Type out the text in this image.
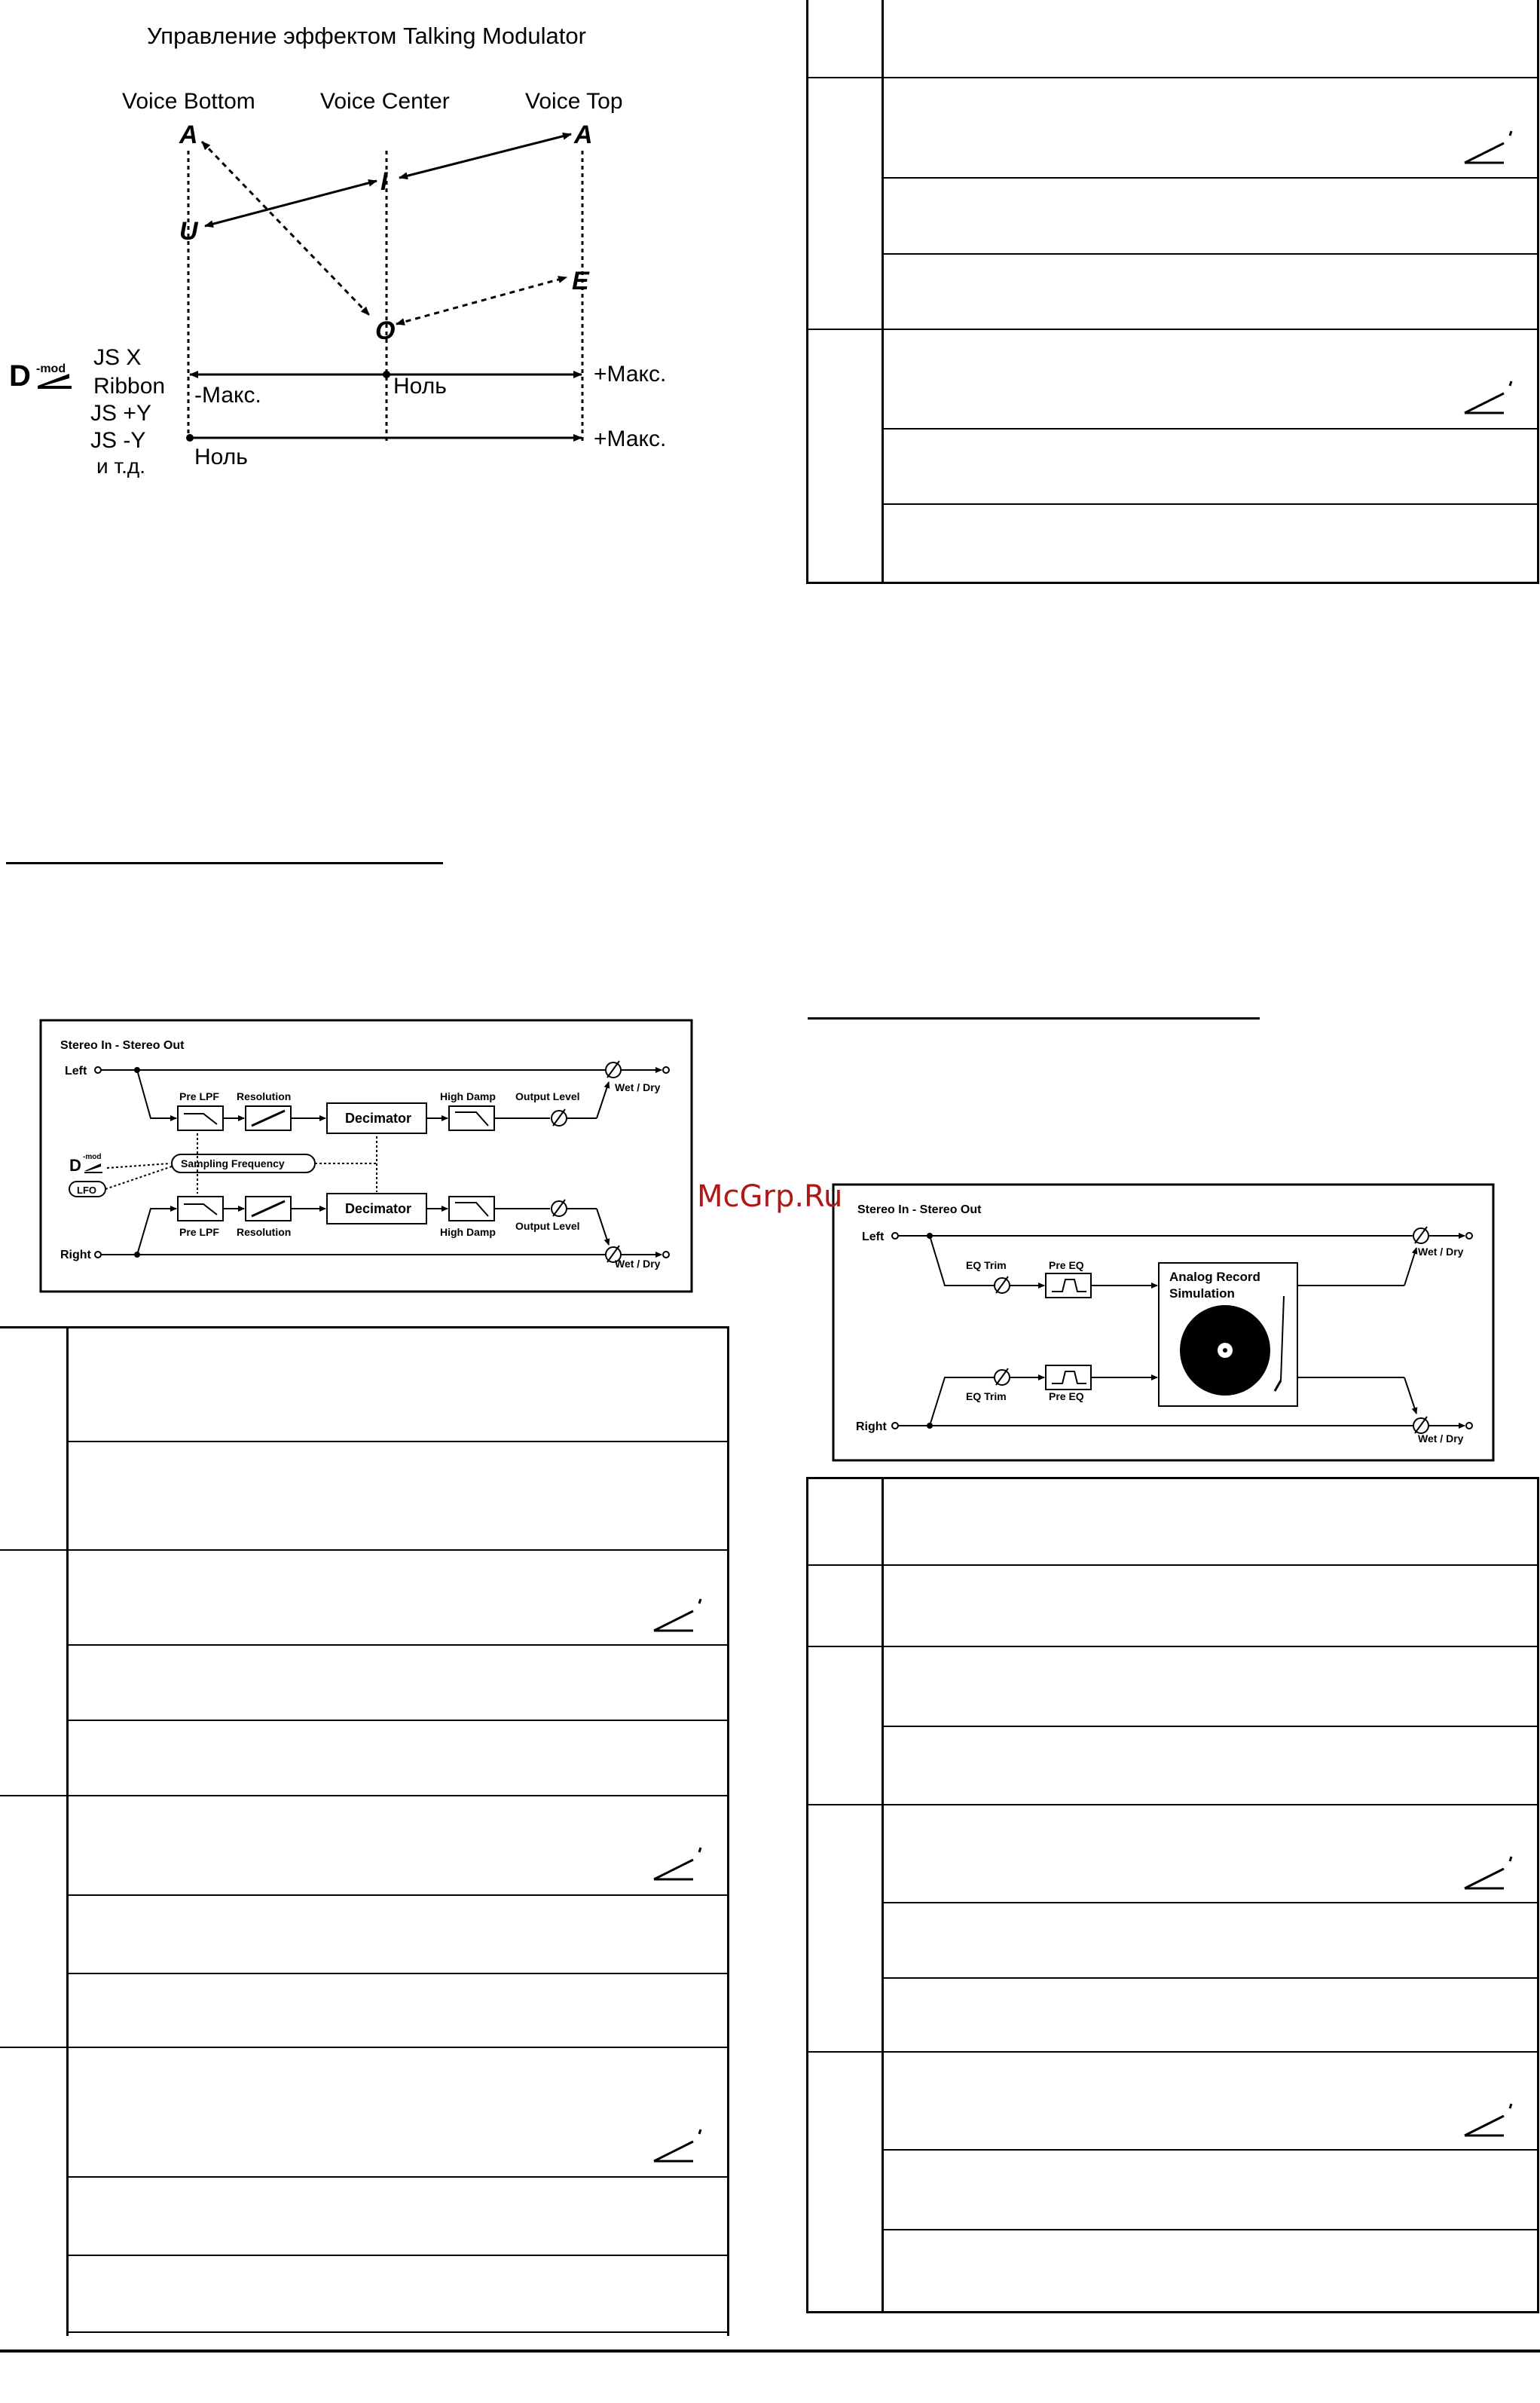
Управление эффектом Talking Modulator
Voice Bottom	Voice Center	Voice Top
A
I
A
U
E
O
D -mod JS X
Ribbon
JS +Y
JS -Y
и т.д.
-Макс.	Ноль	+Макс.
Ноль
+Макс.
Stereo In - Stereo Out
Left
Right
Pre LPF Resolution
Decimator
High Damp Output Level
Wet / Dry
Pre LPF Resolution
Decimator
High Damp Output Level
Wet / Dry
Sampling Frequency
D -mod
LFO
Stereo In - Stereo Out
Left
Right
Analog Record
Simulation
EQ Trim	Pre EQ
EQ Trim	Pre EQ
Wet / Dry
Wet / Dry
McGrp.Ru
